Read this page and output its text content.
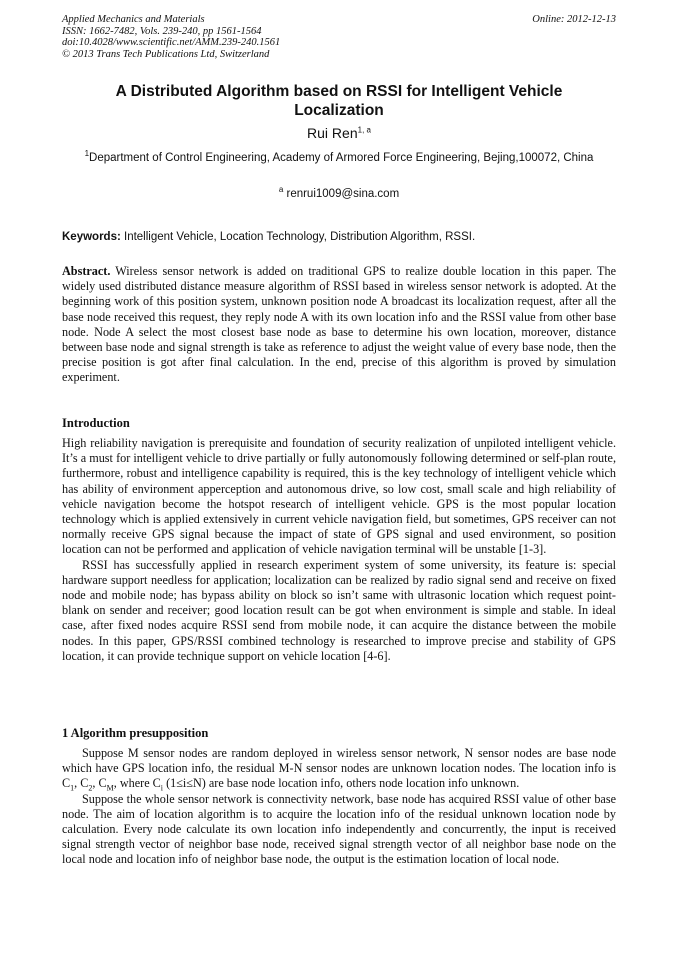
Applied Mechanics and Materials
ISSN: 1662-7482, Vols. 239-240, pp 1561-1564
doi:10.4028/www.scientific.net/AMM.239-240.1561
© 2013 Trans Tech Publications Ltd, Switzerland
Online: 2012-12-13
A Distributed Algorithm based on RSSI for Intelligent Vehicle
Localization
Rui Ren$^{1, a}$
$^1$Department of Control Engineering, Academy of Armored Force Engineering, Bejing,100072, China
$^a$ renrui1009@sina.com
Keywords: Intelligent Vehicle, Location Technology, Distribution Algorithm, RSSI.

Abstract. Wireless sensor network is added on traditional GPS to realize double location in this paper. The widely used distributed distance measure algorithm of RSSI based in wireless sensor network is adopted. At the beginning work of this position system, unknown position node A broadcast its localization request, after all the base node received this request, they reply node A with its own location info and the RSSI value from other base node. Node A select the most closest base node as base to determine his own location, moreover, distance between base node and signal strength is take as reference to adjust the weight value of every base node, then the precise position is got after final calculation. In the end, precise of this algorithm is proved by simulation experiment.

Introduction

High reliability navigation is prerequisite and foundation of security realization of unpiloted intelligent vehicle. It’s a must for intelligent vehicle to drive partially or fully autonomously following determined or self-plan route, furthermore, robust and intelligence capability is required, this is the key technology of intelligent vehicle which has ability of environment apperception and autonomous drive, so low cost, small scale and high reliability of vehicle navigation become the hotspot research of intelligent vehicle. GPS is the most popular location technology which is applied extensively in current vehicle navigation field, but sometimes, GPS receiver can not normally receive GPS signal because the impact of state of GPS signal and used environment, so position location can not be performed and application of vehicle navigation terminal will be unstable [1-3].

RSSI has successfully applied in research experiment system of some university, its feature is: special hardware support needless for application; localization can be realized by radio signal send and receive on fixed node and mobile node; has bypass ability on block so isn’t same with ultrasonic location which request point-blank on sender and receiver; good location result can be got when environment is simple and stable. In ideal case, after fixed nodes acquire RSSI send from mobile node, it can acquire the distance between the mobile nodes. In this paper, GPS/RSSI combined technology is researched to improve precise and stability of GPS location, it can provide technique support on vehicle location [4-6].

1 Algorithm presupposition

Suppose M sensor nodes are random deployed in wireless sensor network, N sensor nodes are base node which have GPS location info, the residual M-N sensor nodes are unknown location nodes. The location info is $C_1$, $C_2$, $C_M$, where $C_i$ (1≤i≤N) are base node location info, others node location info unknown.

Suppose the whole sensor network is connectivity network, base node has acquired RSSI value of other base node. The aim of location algorithm is to acquire the location info of the residual unknown location node by calculation. Every node calculate its own location info independently and concurrently, the input is received signal strength vector of neighbor base node, received signal strength vector of all neighbor base node on the local node and location info of neighbor base node, the output is the estimation location of local node.
